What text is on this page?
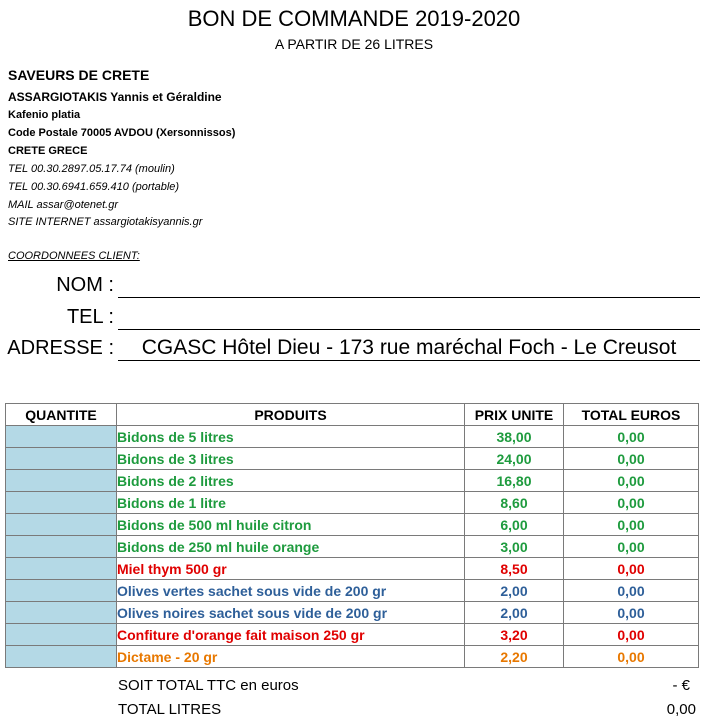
BON DE COMMANDE 2019-2020
A PARTIR DE 26 LITRES
SAVEURS DE CRETE
ASSARGIOTAKIS Yannis et Géraldine
Kafenio platia
Code Postale 70005 AVDOU (Xersonnissos)
CRETE GRECE
TEL 00.30.2897.05.17.74 (moulin)
TEL 00.30.6941.659.410 (portable)
MAIL assar@otenet.gr
SITE INTERNET assargiotakisyannis.gr
COORDONNEES CLIENT:
NOM :
TEL :
ADRESSE :	CGASC Hôtel Dieu - 173 rue maréchal Foch - Le Creusot
QUANTITE	PRODUITS	PRIX UNITE	TOTAL EUROS
	Bidons de 5 litres	38,00	0,00
	Bidons de 3 litres	24,00	0,00
	Bidons de 2 litres	16,80	0,00
	Bidons de 1 litre	8,60	0,00
	Bidons de 500 ml huile citron	6,00	0,00
	Bidons de 250 ml huile orange	3,00	0,00
	Miel thym 500 gr	8,50	0,00
	Olives vertes sachet sous vide de 200 gr	2,00	0,00
	Olives noires sachet sous vide de 200 gr	2,00	0,00
	Confiture d'orange fait maison 250 gr	3,20	0,00
	Dictame - 20 gr	2,20	0,00
SOIT TOTAL TTC en euros	- €
TOTAL LITRES	0,00
